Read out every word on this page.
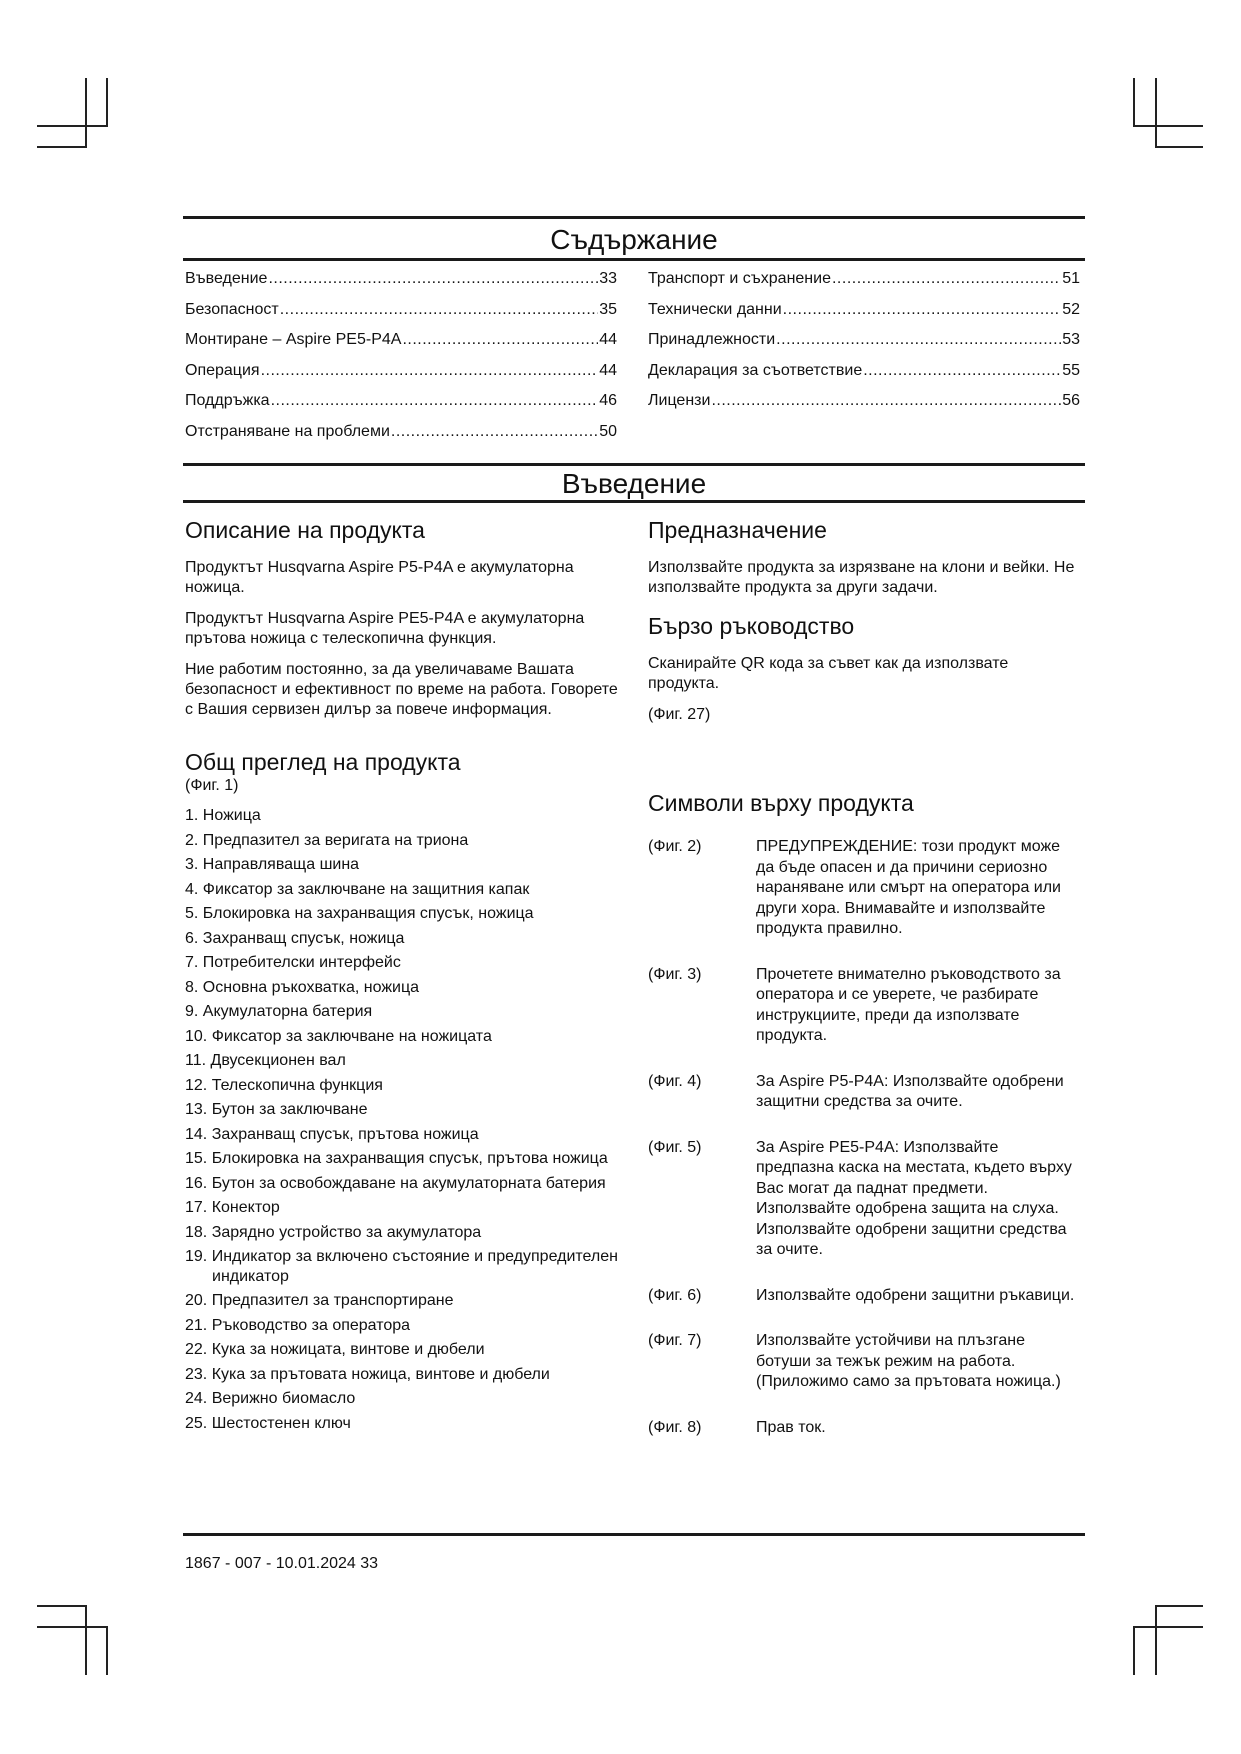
Съдържание
Въведение .....	33
Безопасност .....	35
Монтиране – Aspire PE5-P4A .....	44
Операция .....	44
Поддръжка .....	46
Отстраняване на проблеми .....	50
Транспорт и съхранение .....	51
Технически данни .....	52
Принадлежности .....	53
Декларация за съответствие .....	55
Лицензи .....	56
Въведение
Описание на продукта

Продуктът Husqvarna Aspire P5-P4A е акумулаторна ножица.

Продуктът Husqvarna Aspire PE5-P4A е акумулаторна прътова ножица с телескопична функция.

Ние работим постоянно, за да увеличаваме Вашата безопасност и ефективност по време на работа. Говорете с Вашия сервизен дилър за повече информация.

Общ преглед на продукта

(Фиг. 1)

1. Ножица
2. Предпазител за веригата на триона
3. Направляваща шина
4. Фиксатор за заключване на защитния капак
5. Блокировка на захранващия спусък, ножица
6. Захранващ спусък, ножица
7. Потребителски интерфейс
8. Основна ръкохватка, ножица
9. Акумулаторна батерия
10. Фиксатор за заключване на ножицата
11. Двусекционен вал
12. Телескопична функция
13. Бутон за заключване
14. Захранващ спусък, прътова ножица
15. Блокировка на захранващия спусък, прътова ножица
16. Бутон за освобождаване на акумулаторната батерия
17. Конектор
18. Зарядно устройство за акумулатора
19. Индикатор за включено състояние и предупредителен индикатор
20. Предпазител за транспортиране
21. Ръководство за оператора
22. Кука за ножицата, винтове и дюбели
23. Кука за прътовата ножица, винтове и дюбели
24. Верижно биомасло
25. Шестостенен ключ
Предназначение

Използвайте продукта за изрязване на клони и вейки. Не използвайте продукта за други задачи.

Бързо ръководство

Сканирайте QR кода за съвет как да използвате продукта.

(Фиг. 27)

Символи върху продукта
(Фиг. 2)	ПРЕДУПРЕЖДЕНИЕ: този продукт може да бъде опасен и да причини сериозно нараняване или смърт на оператора или други хора. Внимавайте и използвайте продукта правилно.
(Фиг. 3)	Прочетете внимателно ръководството за оператора и се уверете, че разбирате инструкциите, преди да използвате продукта.
(Фиг. 4)	За Aspire P5-P4A: Използвайте одобрени защитни средства за очите.
(Фиг. 5)	За Aspire PE5-P4A: Използвайте предпазна каска на местата, където върху Вас могат да паднат предмети. Използвайте одобрена защита на слуха. Използвайте одобрени защитни средства за очите.
(Фиг. 6)	Използвайте одобрени защитни ръкавици.
(Фиг. 7)	Използвайте устойчиви на плъзгане ботуши за тежък режим на работа. (Приложимо само за прътовата ножица.)
(Фиг. 8)	Прав ток.
1867 - 007 - 10.01.2024 33
